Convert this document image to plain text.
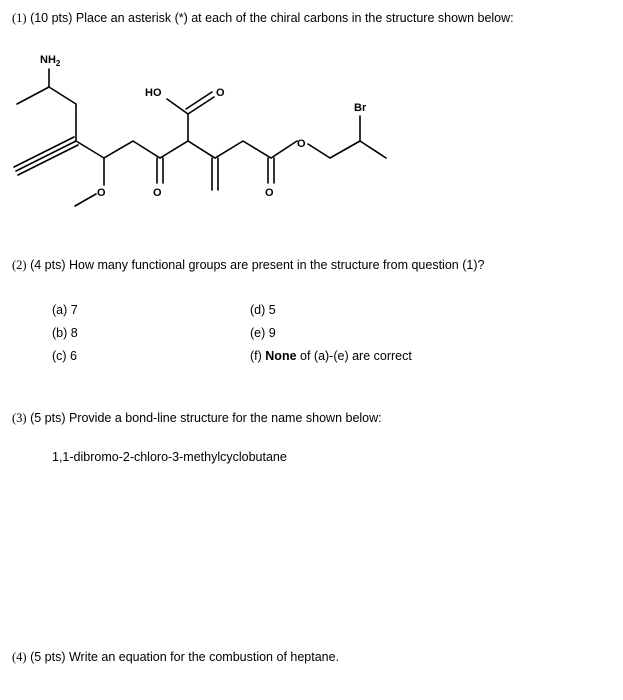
(1) (10 pts) Place an asterisk (*) at each of the chiral carbons in the structure shown below:
$NH_2$
O	O
HO	O
O
O
Br
(2) (4 pts) How many functional groups are present in the structure from question (1)?
(a) 7
(b) 8
(c) 6
(d) 5
(e) 9
(f) None of (a)-(e) are correct
(3) (5 pts) Provide a bond-line structure for the name shown below:
1,1-dibromo-2-chloro-3-methylcyclobutane
(4) (5 pts) Write an equation for the combustion of heptane.
